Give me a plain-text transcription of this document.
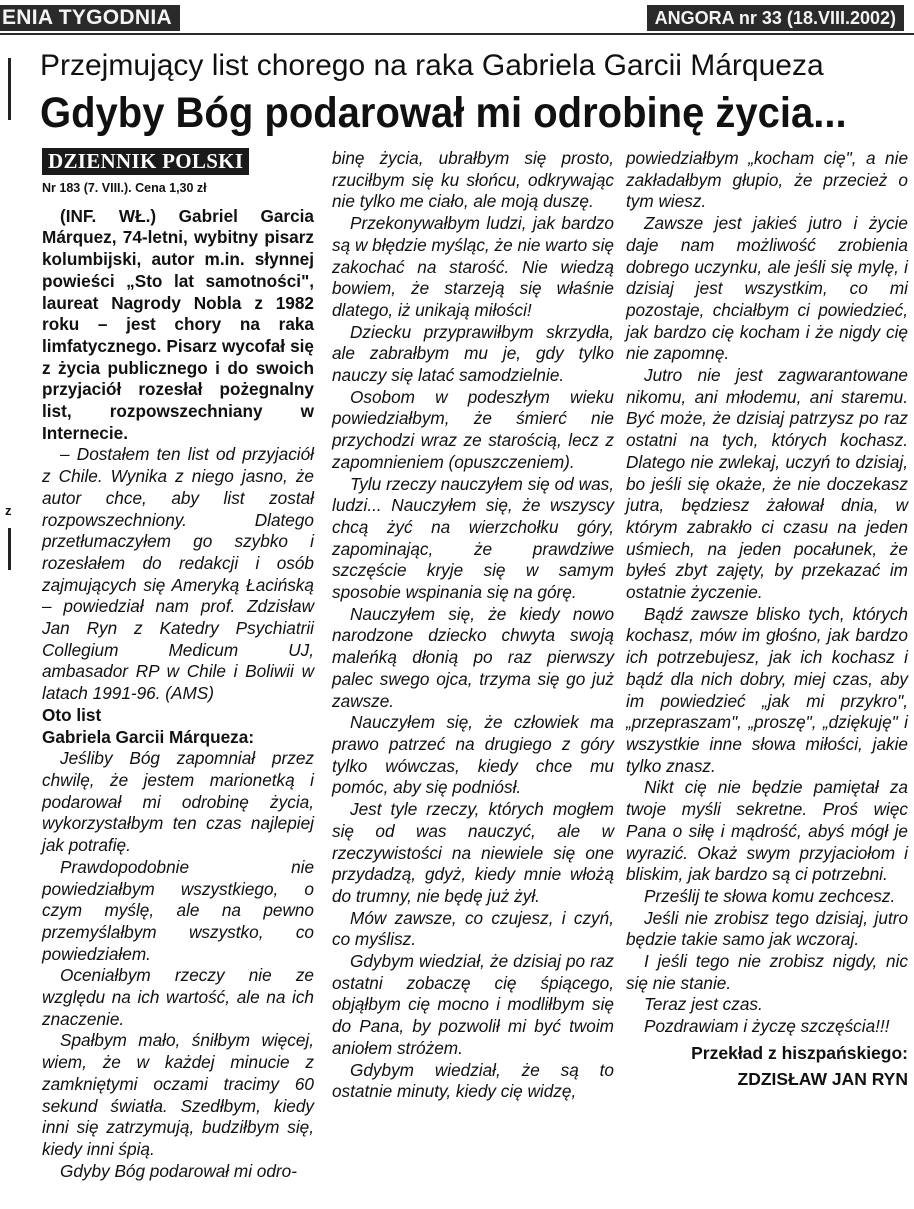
ENIA TYGODNIA	ANGORA nr 33 (18.VIII.2002)
z
Przejmujący list chorego na raka Gabriela Garcii Márqueza
Gdyby Bóg podarował mi odrobinę życia...
DZIENNIK POLSKI
Nr 183 (7. VIII.). Cena 1,30 zł

(INF. WŁ.) Gabriel Garcia Márquez, 74-letni, wybitny pisarz kolumbijski, autor m.in. słynnej powieści „Sto lat samotności", laureat Nagrody Nobla z 1982 roku – jest chory na raka limfatycznego. Pisarz wycofał się z życia publicznego i do swoich przyjaciół rozesłał pożegnalny list, rozpowszechniany w Internecie.

– Dostałem ten list od przyjaciół z Chile. Wynika z niego jasno, że autor chce, aby list został rozpowszechniony. Dlatego przetłumaczyłem go szybko i rozesłałem do redakcji i osób zajmujących się Ameryką Łacińską – powiedział nam prof. Zdzisław Jan Ryn z Katedry Psychiatrii Collegium Medicum UJ, ambasador RP w Chile i Boliwii w latach 1991-96. (AMS)

Oto list

Gabriela Garcii Márqueza:

Jeśliby Bóg zapomniał przez chwilę, że jestem marionetką i podarował mi odrobinę życia, wykorzystałbym ten czas najlepiej jak potrafię.

Prawdopodobnie nie powiedziałbym wszystkiego, o czym myślę, ale na pewno przemyślałbym wszystko, co powiedziałem.

Oceniałbym rzeczy nie ze względu na ich wartość, ale na ich znaczenie.

Spałbym mało, śniłbym więcej, wiem, że w każdej minucie z zamkniętymi oczami tracimy 60 sekund światła. Szedłbym, kiedy inni się zatrzymują, budziłbym się, kiedy inni śpią.

Gdyby Bóg podarował mi odro-

binę życia, ubrałbym się prosto, rzuciłbym się ku słońcu, odkrywając nie tylko me ciało, ale moją duszę.

Przekonywałbym ludzi, jak bardzo są w błędzie myśląc, że nie warto się zakochać na starość. Nie wiedzą bowiem, że starzeją się właśnie dlatego, iż unikają miłości!

Dziecku przyprawiłbym skrzydła, ale zabrałbym mu je, gdy tylko nauczy się latać samodzielnie.

Osobom w podeszłym wieku powiedziałbym, że śmierć nie przychodzi wraz ze starością, lecz z zapomnieniem (opuszczeniem).

Tylu rzeczy nauczyłem się od was, ludzi... Nauczyłem się, że wszyscy chcą żyć na wierzchołku góry, zapominając, że prawdziwe szczęście kryje się w samym sposobie wspinania się na górę.

Nauczyłem się, że kiedy nowo narodzone dziecko chwyta swoją maleńką dłonią po raz pierwszy palec swego ojca, trzyma się go już zawsze.

Nauczyłem się, że człowiek ma prawo patrzeć na drugiego z góry tylko wówczas, kiedy chce mu pomóc, aby się podniósł.

Jest tyle rzeczy, których mogłem się od was nauczyć, ale w rzeczywistości na niewiele się one przydadzą, gdyż, kiedy mnie włożą do trumny, nie będę już żył.

Mów zawsze, co czujesz, i czyń, co myślisz.

Gdybym wiedział, że dzisiaj po raz ostatni zobaczę cię śpiącego, objąłbym cię mocno i modliłbym się do Pana, by pozwolił mi być twoim aniołem stróżem.

Gdybym wiedział, że są to ostatnie minuty, kiedy cię widzę,

powiedziałbym „kocham cię", a nie zakładałbym głupio, że przecież o tym wiesz.

Zawsze jest jakieś jutro i życie daje nam możliwość zrobienia dobrego uczynku, ale jeśli się mylę, i dzisiaj jest wszystkim, co mi pozostaje, chciałbym ci powiedzieć, jak bardzo cię kocham i że nigdy cię nie zapomnę.

Jutro nie jest zagwarantowane nikomu, ani młodemu, ani staremu. Być może, że dzisiaj patrzysz po raz ostatni na tych, których kochasz. Dlatego nie zwlekaj, uczyń to dzisiaj, bo jeśli się okaże, że nie doczekasz jutra, będziesz żałował dnia, w którym zabrakło ci czasu na jeden uśmiech, na jeden pocałunek, że byłeś zbyt zajęty, by przekazać im ostatnie życzenie.

Bądź zawsze blisko tych, których kochasz, mów im głośno, jak bardzo ich potrzebujesz, jak ich kochasz i bądź dla nich dobry, miej czas, aby im powiedzieć „jak mi przykro", „przepraszam", „proszę", „dziękuję" i wszystkie inne słowa miłości, jakie tylko znasz.

Nikt cię nie będzie pamiętał za twoje myśli sekretne. Proś więc Pana o siłę i mądrość, abyś mógł je wyrazić. Okaż swym przyjaciołom i bliskim, jak bardzo są ci potrzebni.

Prześlij te słowa komu zechcesz.

Jeśli nie zrobisz tego dzisiaj, jutro będzie takie samo jak wczoraj.

I jeśli tego nie zrobisz nigdy, nic się nie stanie.

Teraz jest czas.

Pozdrawiam i życzę szczęścia!!!

Przekład z hiszpańskiego:
ZDZISŁAW JAN RYN
